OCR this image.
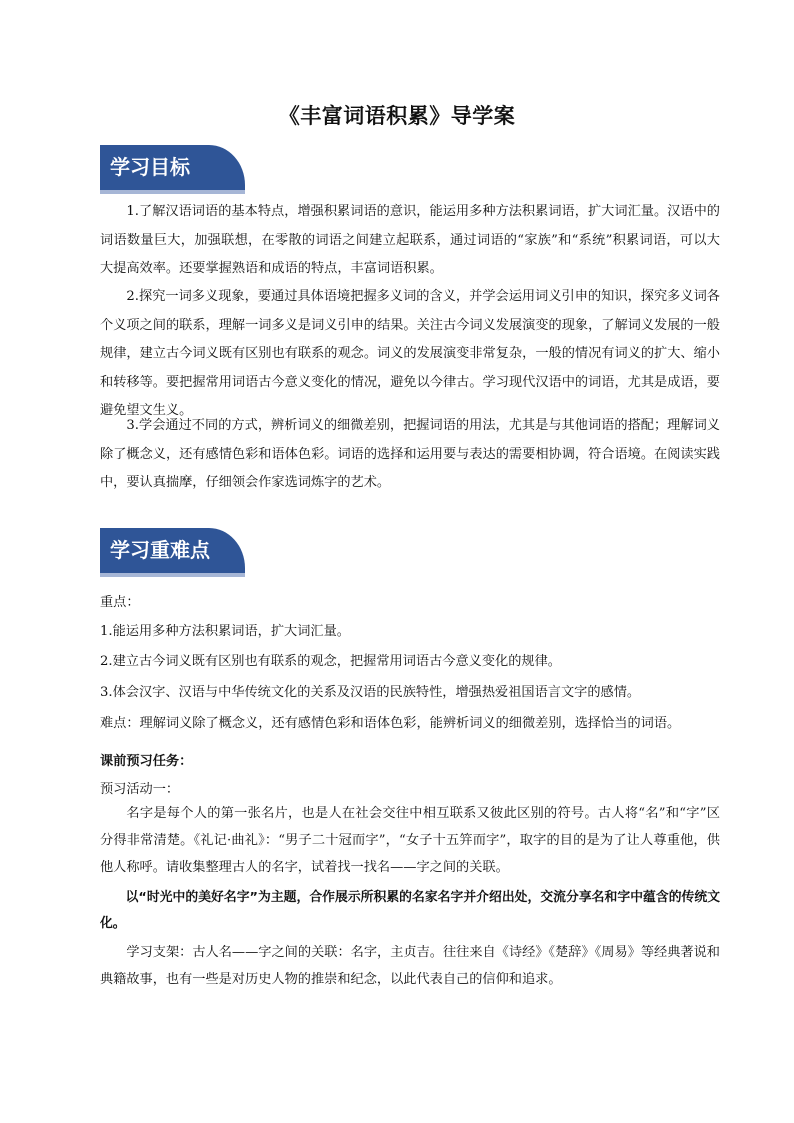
《丰富词语积累》导学案
学习目标

1.了解汉语词语的基本特点，增强积累词语的意识，能运用多种方法积累词语，扩大词汇量。汉语中的词语数量巨大，加强联想，在零散的词语之间建立起联系，通过词语的“家族”和“系统”积累词语，可以大大提高效率。还要掌握熟语和成语的特点，丰富词语积累。

2.探究一词多义现象，要通过具体语境把握多义词的含义，并学会运用词义引申的知识，探究多义词各个义项之间的联系，理解一词多义是词义引申的结果。关注古今词义发展演变的现象，了解词义发展的一般规律，建立古今词义既有区别也有联系的观念。词义的发展演变非常复杂，一般的情况有词义的扩大、缩小和转移等。要把握常用词语古今意义变化的情况，避免以今律古。学习现代汉语中的词语，尤其是成语，要避免望文生义。

3.学会通过不同的方式，辨析词义的细微差别，把握词语的用法，尤其是与其他词语的搭配；理解词义除了概念义，还有感情色彩和语体色彩。词语的选择和运用要与表达的需要相协调，符合语境。在阅读实践中，要认真揣摩，仔细领会作家选词炼字的艺术。

学习重难点

重点：

1.能运用多种方法积累词语，扩大词汇量。

2.建立古今词义既有区别也有联系的观念，把握常用词语古今意义变化的规律。

3.体会汉字、汉语与中华传统文化的关系及汉语的民族特性，增强热爱祖国语言文字的感情。

难点：理解词义除了概念义，还有感情色彩和语体色彩，能辨析词义的细微差别，选择恰当的词语。

课前预习任务：

预习活动一：

名字是每个人的第一张名片，也是人在社会交往中相互联系又彼此区别的符号。古人将“名”和“字”区分得非常清楚。《礼记·曲礼》：“男子二十冠而字”，“女子十五笄而字”，取字的目的是为了让人尊重他，供他人称呼。请收集整理古人的名字，试着找一找名——字之间的关联。

以“时光中的美好名字”为主题，合作展示所积累的名家名字并介绍出处，交流分享名和字中蕴含的传统文化。

学习支架：古人名——字之间的关联：名字，主贞吉。往往来自《诗经》《楚辞》《周易》等经典著说和典籍故事，也有一些是对历史人物的推崇和纪念，以此代表自己的信仰和追求。
